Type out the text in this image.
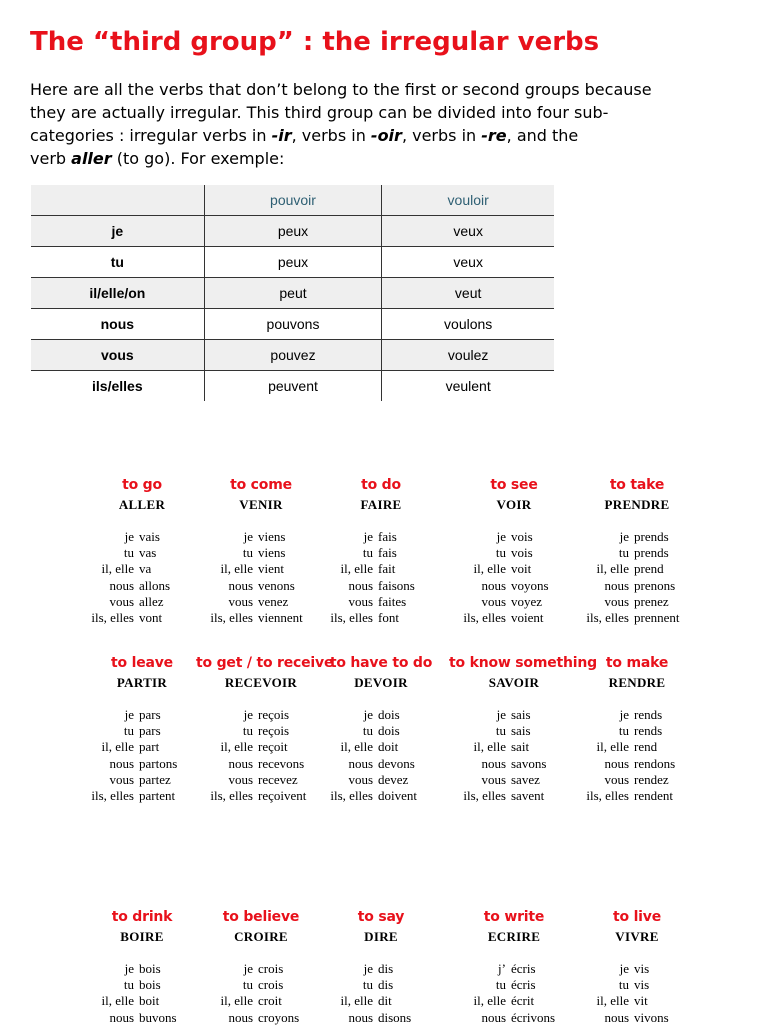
The “third group” : the irregular verbs
Here are all the verbs that don’t belong to the first or second groups because
they are actually irregular. This third group can be divided into four sub-
categories : irregular verbs in -ir, verbs in -oir, verbs in -re, and the
verb aller (to go). For exemple:
	pouvoir	vouloir
je	peux	veux
tu	peux	veux
il/elle/on	peut	veut
nous	pouvons	voulons
vous	pouvez	voulez
ils/elles	peuvent	veulent
to go
ALLER
je vais
tu vas
il, elle va
nous allons
vous allez
ils, elles vont
to come
VENIR
je viens
tu viens
il, elle vient
nous venons
vous venez
ils, elles viennent
to do
FAIRE
je fais
tu fais
il, elle fait
nous faisons
vous faites
ils, elles font
to see
VOIR
je vois
tu vois
il, elle voit
nous voyons
vous voyez
ils, elles voient
to take
PRENDRE
je prends
tu prends
il, elle prend
nous prenons
vous prenez
ils, elles prennent
to leave
PARTIR
je pars
tu pars
il, elle part
nous partons
vous partez
ils, elles partent
to get / to receive
RECEVOIR
je reçois
tu reçois
il, elle reçoit
nous recevons
vous recevez
ils, elles reçoivent
to have to do
DEVOIR
je dois
tu dois
il, elle doit
nous devons
vous devez
ils, elles doivent
to know something
SAVOIR
je sais
tu sais
il, elle sait
nous savons
vous savez
ils, elles savent
to make
RENDRE
je rends
tu rends
il, elle rend
nous rendons
vous rendez
ils, elles rendent
to drink
BOIRE
je bois
tu bois
il, elle boit
nous buvons
to believe
CROIRE
je crois
tu crois
il, elle croit
nous croyons
to say
DIRE
je dis
tu dis
il, elle dit
nous disons
to write
ECRIRE
j’ écris
tu écris
il, elle écrit
nous écrivons
to live
VIVRE
je vis
tu vis
il, elle vit
nous vivons
